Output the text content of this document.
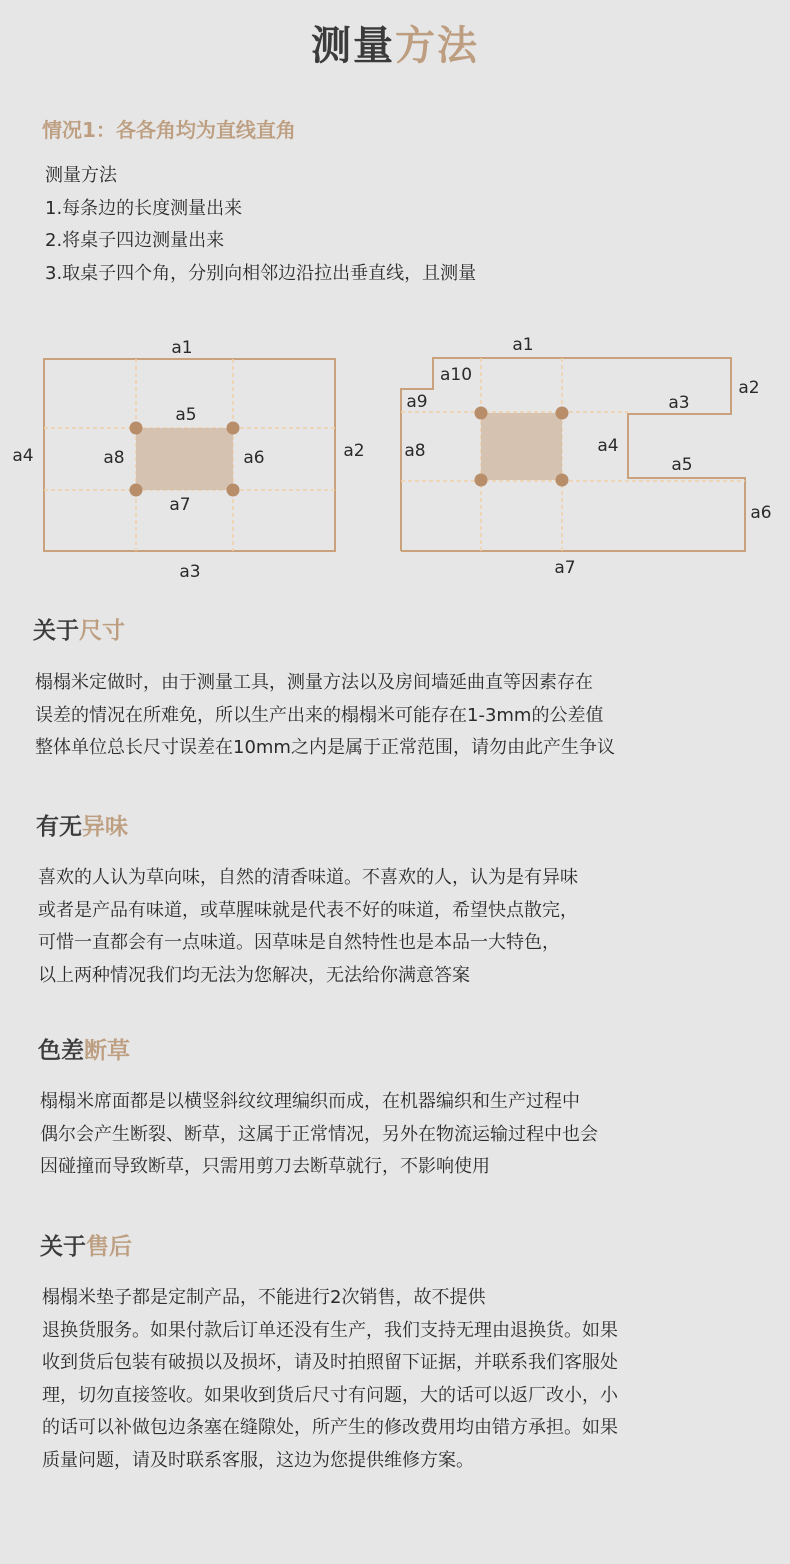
测量方法
情况1：各各角均为直线直角
测量方法
1.每条边的长度测量出来
2.将桌子四边测量出来
3.取桌子四个角，分别向相邻边沿拉出垂直线，且测量
a1
a2
a3
a4
a5
a6
a7
a8
a1
a2
a3
a4
a5
a6
a7
a8
a9
a10
关于尺寸
榻榻米定做时，由于测量工具，测量方法以及房间墙延曲直等因素存在
误差的情况在所难免，所以生产出来的榻榻米可能存在1-3mm的公差值
整体单位总长尺寸误差在10mm之内是属于正常范围，请勿由此产生争议
有无异味
喜欢的人认为草向味，自然的清香味道。不喜欢的人，认为是有异味
或者是产品有味道，或草腥味就是代表不好的味道，希望快点散完，
可惜一直都会有一点味道。因草味是自然特性也是本品一大特色，
以上两种情况我们均无法为您解决，无法给你满意答案
色差断草
榻榻米席面都是以横竖斜纹纹理编织而成，在机器编织和生产过程中
偶尔会产生断裂、断草，这属于正常情况，另外在物流运输过程中也会
因碰撞而导致断草，只需用剪刀去断草就行，不影响使用
关于售后
榻榻米垫子都是定制产品，不能进行2次销售，故不提供
退换货服务。如果付款后订单还没有生产，我们支持无理由退换货。如果
收到货后包装有破损以及损坏，请及时拍照留下证据，并联系我们客服处
理，切勿直接签收。如果收到货后尺寸有问题，大的话可以返厂改小，小
的话可以补做包边条塞在缝隙处，所产生的修改费用均由错方承担。如果
质量问题，请及时联系客服，这边为您提供维修方案。
